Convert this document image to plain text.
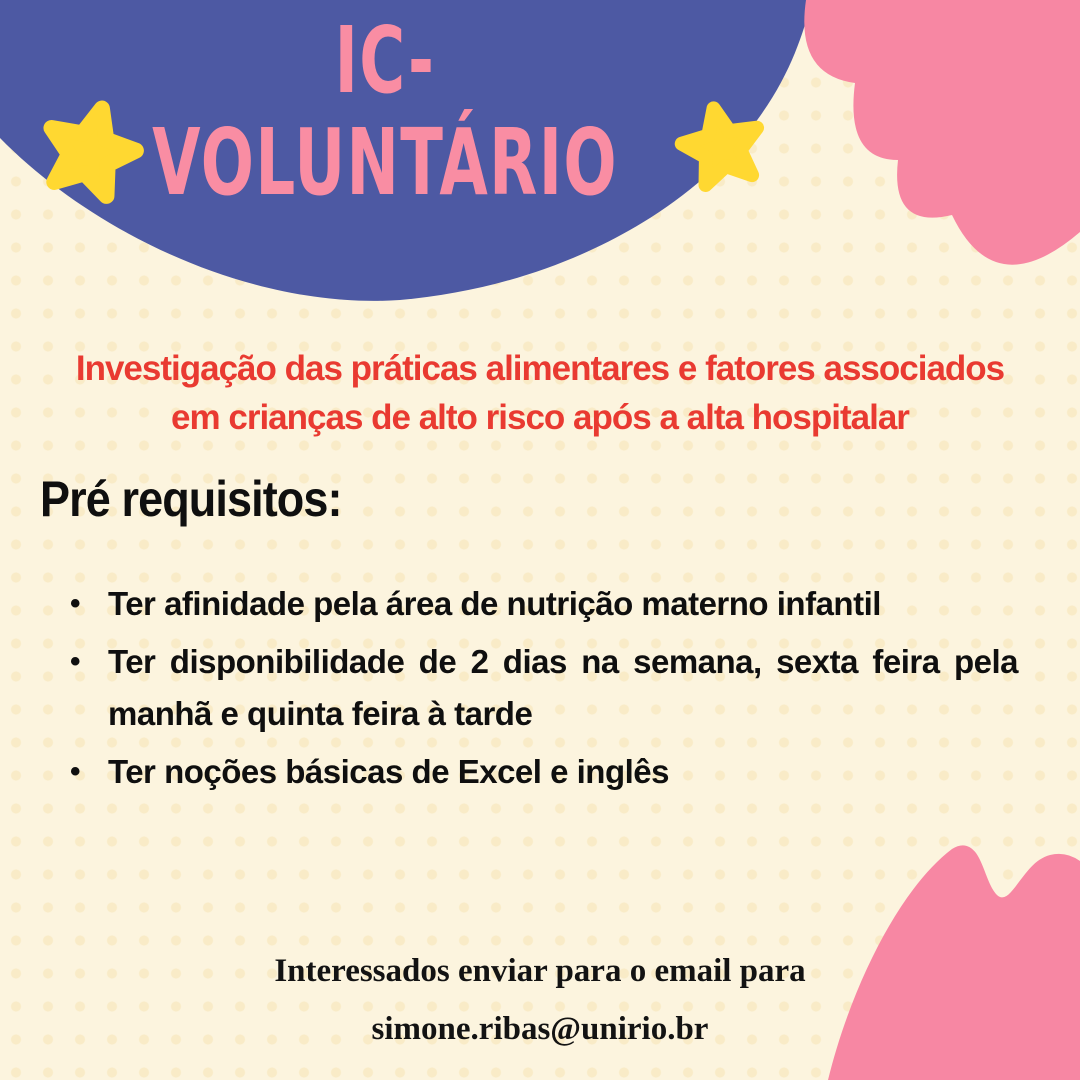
IC-
VOLUNTÁRIO
Investigação das práticas alimentares e fatores associados
em crianças de alto risco após a alta hospitalar
Pré requisitos:
• Ter afinidade pela área de nutrição materno infantil
• Ter disponibilidade de 2 dias na semana, sexta feira pela manhã e quinta feira à tarde
• Ter noções básicas de Excel e inglês
Interessados enviar para o email para
simone.ribas@unirio.br
